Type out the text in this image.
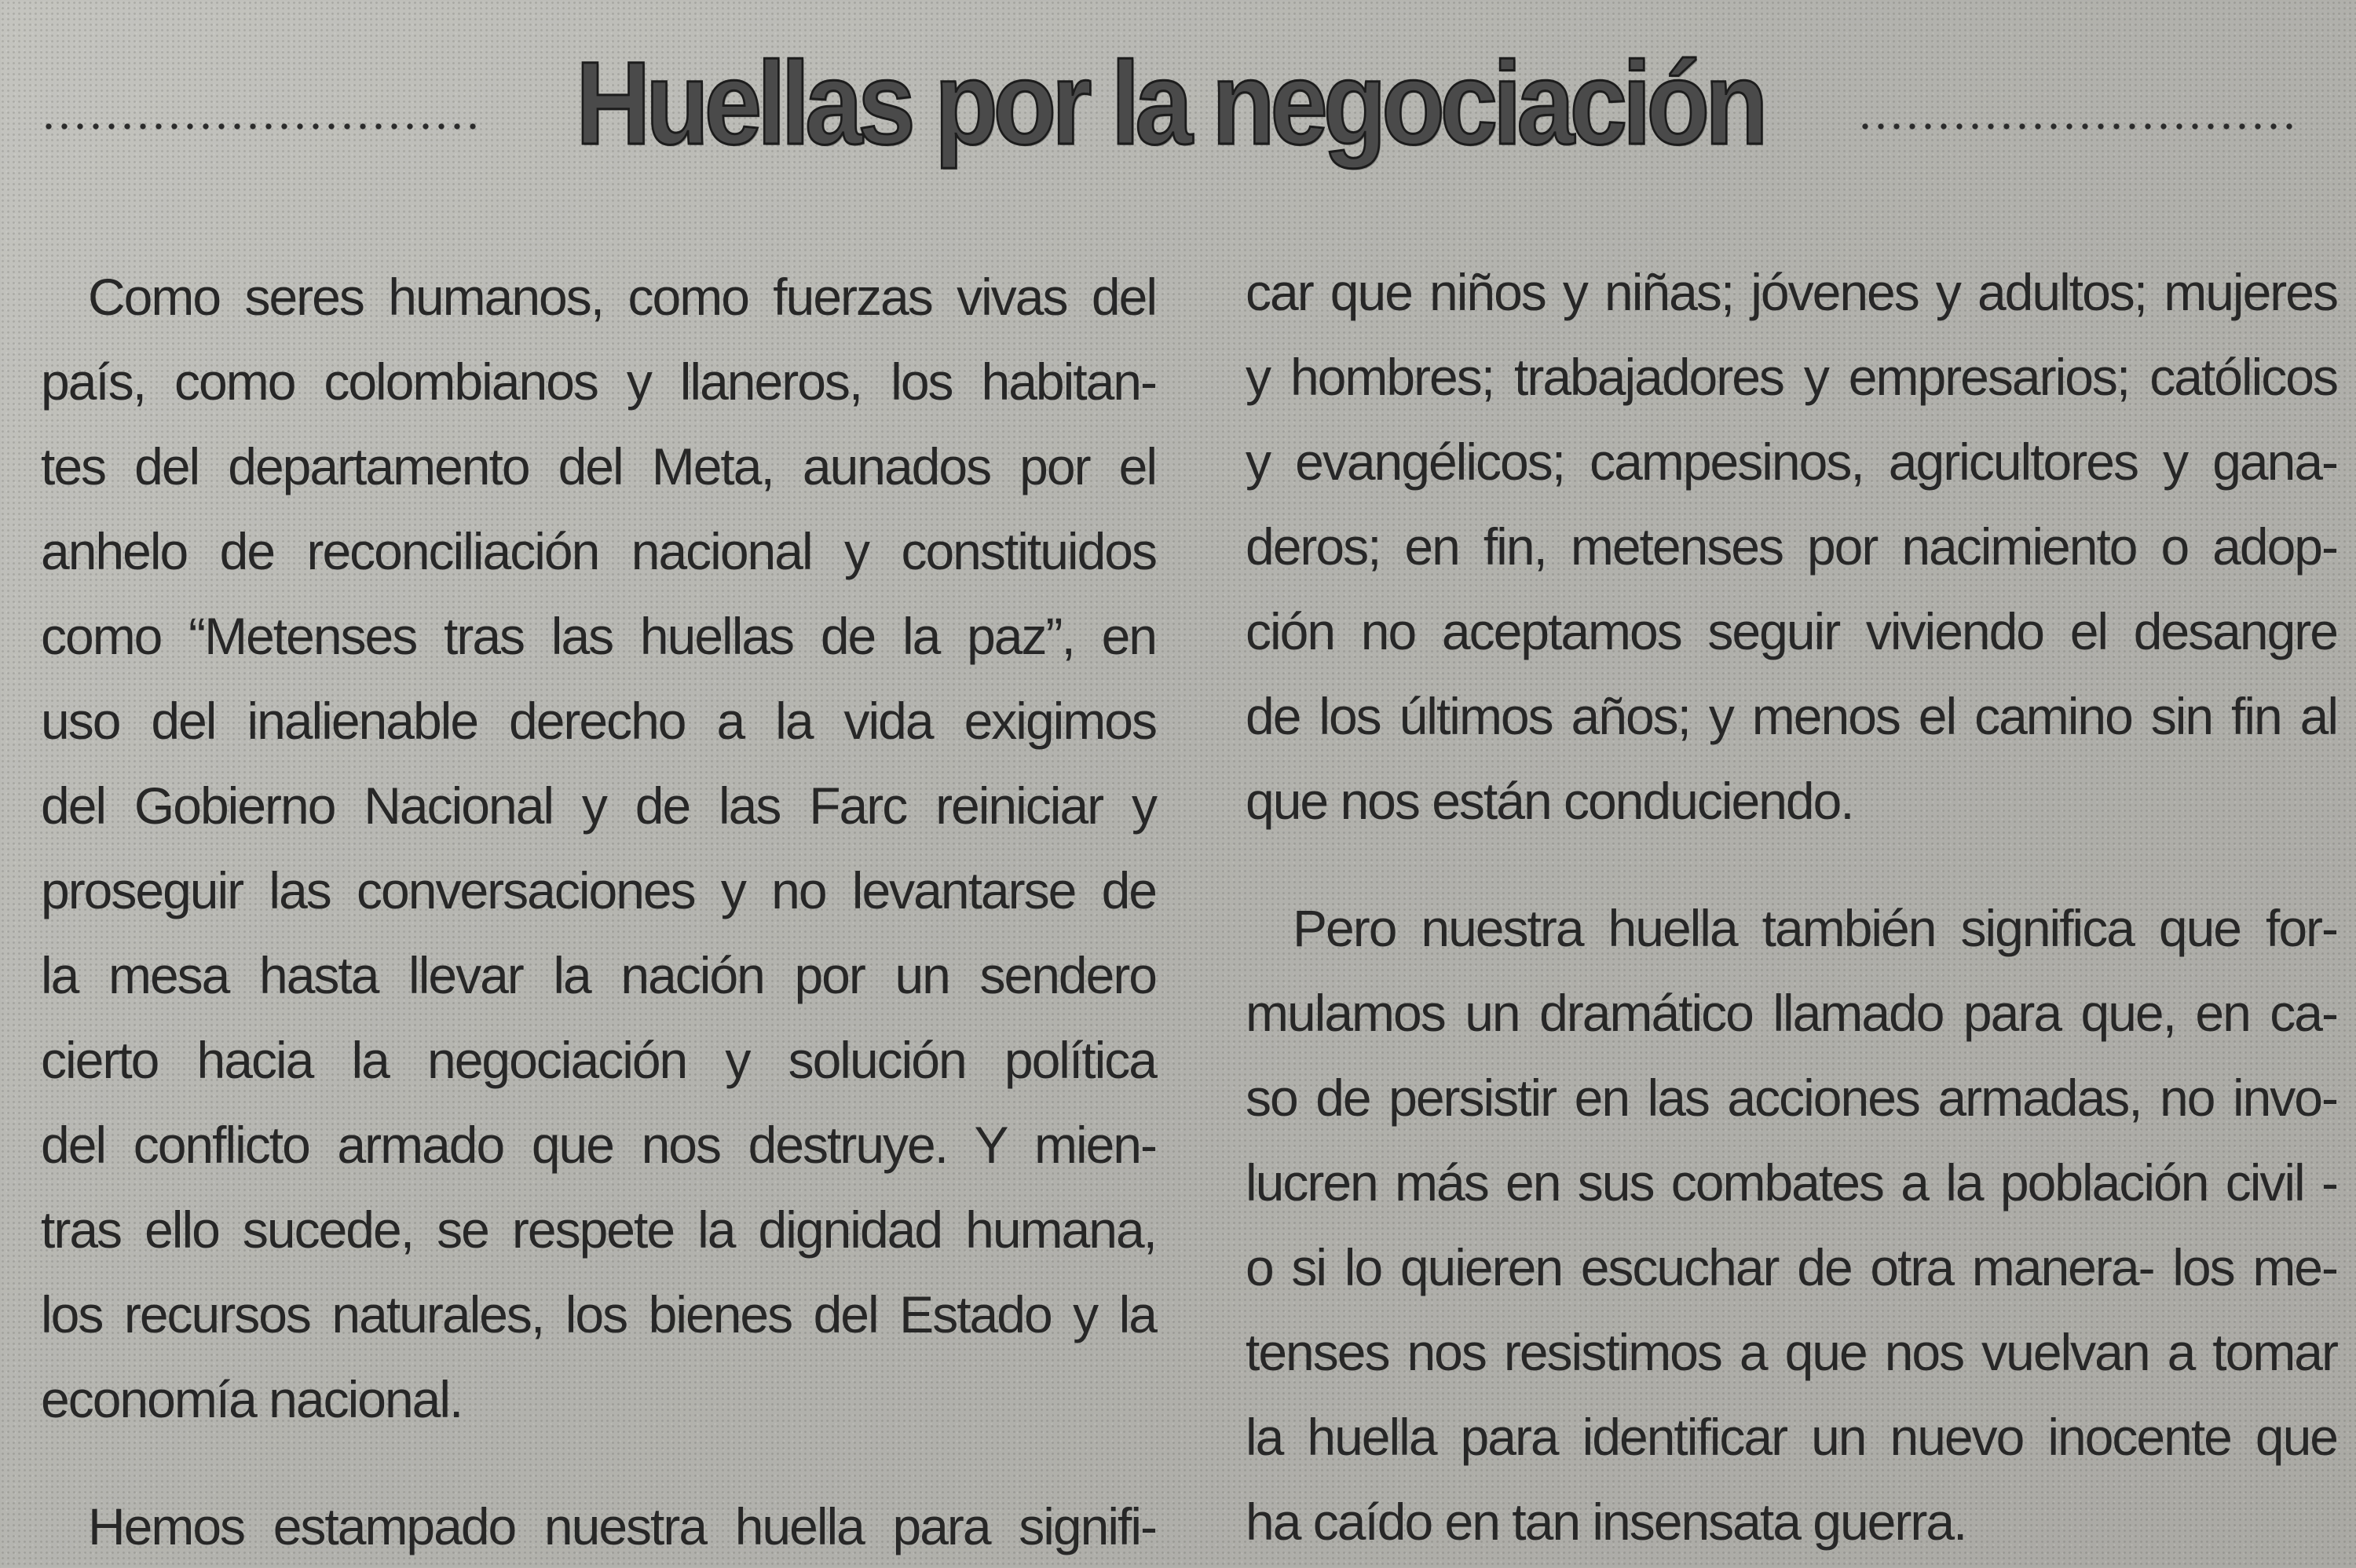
Huellas por la negociación

Como seres humanos, como fuerzas vivas del
país, como colombianos y llaneros, los habitan-
tes del departamento del Meta, aunados por el
anhelo de reconciliación nacional y constituidos
como “Metenses tras las huellas de la paz”, en
uso del inalienable derecho a la vida exigimos
del Gobierno Nacional y de las Farc reiniciar y
proseguir las conversaciones y no levantarse de
la mesa hasta llevar la nación por un sendero
cierto hacia la negociación y solución política
del conflicto armado que nos destruye. Y mien-
tras ello sucede, se respete la dignidad humana,
los recursos naturales, los bienes del Estado y la
economía nacional.

Hemos estampado nuestra huella para signifi-

car que niños y niñas; jóvenes y adultos; mujeres
y hombres; trabajadores y empresarios; católicos
y evangélicos; campesinos, agricultores y gana-
deros; en fin, metenses por nacimiento o adop-
ción no aceptamos seguir viviendo el desangre
de los últimos años; y menos el camino sin fin al
que nos están conduciendo.

Pero nuestra huella también significa que for-
mulamos un dramático llamado para que, en ca-
so de persistir en las acciones armadas, no invo-
lucren más en sus combates a la población civil -
o si lo quieren escuchar de otra manera- los me-
tenses nos resistimos a que nos vuelvan a tomar
la huella para identificar un nuevo inocente que
ha caído en tan insensata guerra.
